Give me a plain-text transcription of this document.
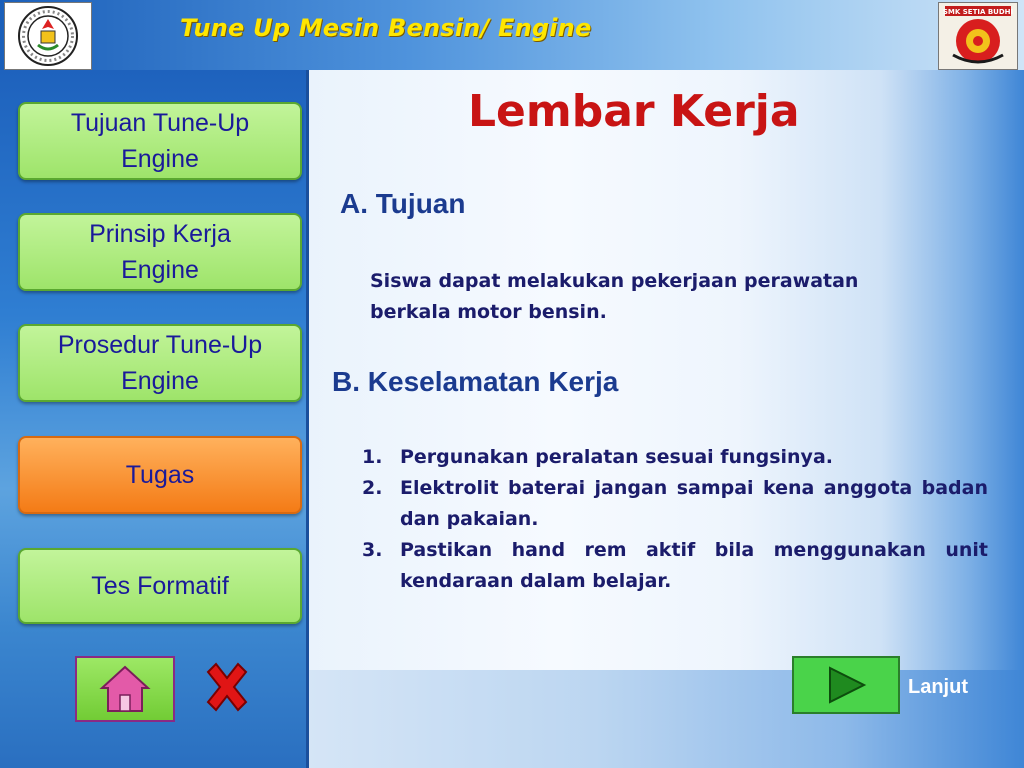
Tune Up Mesin Bensin/ Engine
SMK SETIA BUDHI
Tujuan Tune-Up Engine
Prinsip Kerja Engine
Prosedur Tune-Up Engine
Tugas
Tes Formatif
Lembar Kerja
A. Tujuan
Siswa dapat melakukan pekerjaan perawatan berkala motor bensin.
B. Keselamatan Kerja
1. Pergunakan peralatan sesuai fungsinya.
2. Elektrolit baterai jangan sampai kena anggota badan dan pakaian.
3. Pastikan hand rem aktif bila menggunakan unit kendaraan dalam belajar.
Lanjut
